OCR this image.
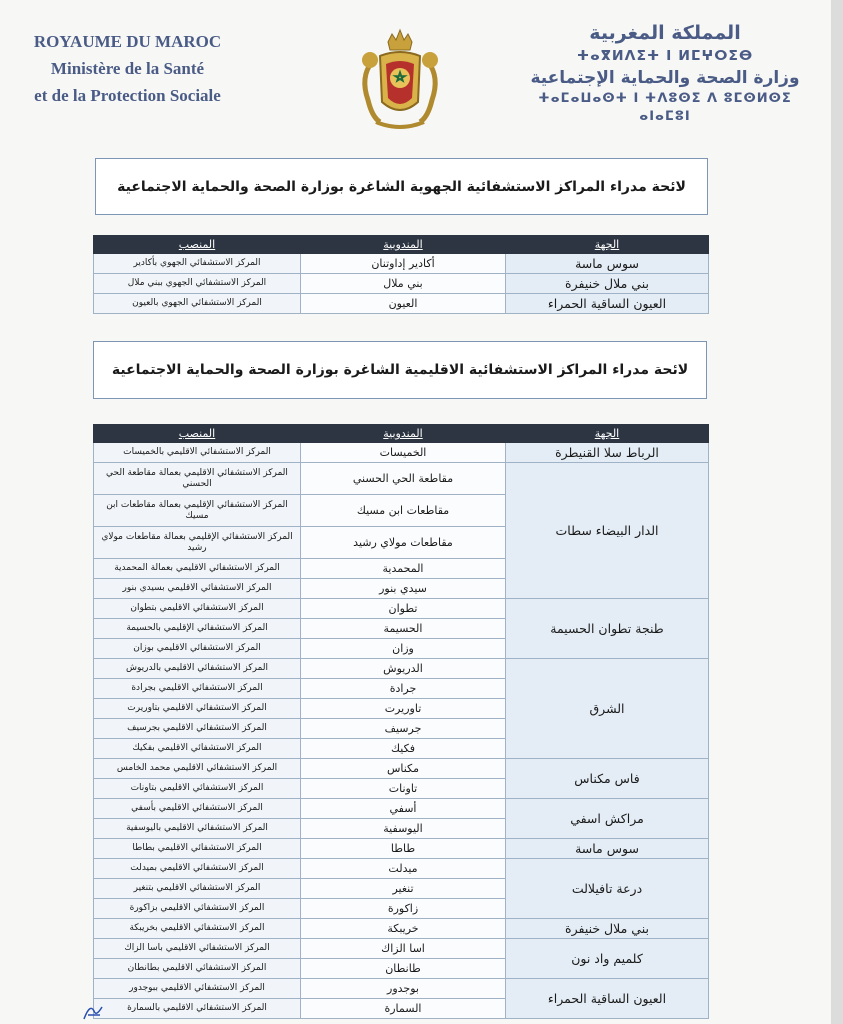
ROYAUME DU MAROC
Ministère de la Santé
et de la Protection Sociale
المملكة المغربية
ⵜⴰⴳⵍⴷⵉⵜ ⵏ ⵍⵎⵖⵔⵉⴱ
وزارة الصحة والحماية الإجتماعية
ⵜⴰⵎⴰⵡⴰⵙⵜ ⵏ ⵜⴷⵓⵙⵉ ⴷ ⵓⵎⵙⵍⵙⵉ ⴰⵏⴰⵎⵓⵏ
لائحة مدراء المراكز الاستشفائية الجهوية الشاغرة بوزارة الصحة والحماية الاجتماعية
الجهة	المندوبية	المنصب
سوس ماسة	أكادير إداوتنان	المركز الاستشفائي الجهوي بأكادير
بني ملال خنيفرة	بني ملال	المركز الاستشفائي الجهوي ببني ملال
العيون الساقية الحمراء	العيون	المركز الاستشفائي الجهوي بالعيون
لائحة مدراء المراكز الاستشفائية الاقليمية الشاغرة بوزارة الصحة والحماية الاجتماعية
الجهة	المندوبية	المنصب
الرباط سلا القنيطرة	الخميسات	المركز الاستشفائي الاقليمي بالخميسات
الدار البيضاء سطات	مقاطعة الحي الحسني	المركز الاستشفائي الاقليمي بعمالة مقاطعة الحي الحسني
	مقاطعات ابن مسيك	المركز الاستشفائي الإقليمي بعمالة مقاطعات ابن مسيك
	مقاطعات مولاي رشيد	المركز الاستشفائي الإقليمي بعمالة مقاطعات مولاي رشيد
	المحمدية	المركز الاستشفائي الاقليمي بعمالة المحمدية
	سيدي بنور	المركز الاستشفائي الاقليمي بسيدي بنور
طنجة تطوان الحسيمة	تطوان	المركز الاستشفائي الاقليمي بتطوان
	الحسيمة	المركز الاستشفائي الإقليمي بالحسيمة
	وزان	المركز الاستشفائي الاقليمي بوزان
الشرق	الدريوش	المركز الاستشفائي الاقليمي بالدريوش
	جرادة	المركز الاستشفائي الاقليمي بجرادة
	تاوريرت	المركز الاستشفائي الاقليمي بتاوريرت
	جرسيف	المركز الاستشفائي الاقليمي بجرسيف
	فكيك	المركز الاستشفائي الاقليمي بفكيك
فاس مكناس	مكناس	المركز الاستشفائي الاقليمي محمد الخامس
	تاونات	المركز الاستشفائي الاقليمي بتاونات
مراكش اسفي	أسفي	المركز الاستشفائي الاقليمي بأسفي
	اليوسفية	المركز الاستشفائي الاقليمي باليوسفية
سوس ماسة	طاطا	المركز الاستشفائي الاقليمي بطاطا
درعة تافيلالت	ميدلت	المركز الاستشفائي الاقليمي بميدلت
	تنغير	المركز الاستشفائي الاقليمي بتنغير
	زاكورة	المركز الاستشفائي الاقليمي بزاكورة
بني ملال خنيفرة	خريبكة	المركز الاستشفائي الاقليمي بخريبكة
كلميم واد نون	اسا الزاك	المركز الاستشفائي الاقليمي باسا الزاك
	طانطان	المركز الاستشفائي الاقليمي بطانطان
العيون الساقية الحمراء	بوجدور	المركز الاستشفائي الاقليمي ببوجدور
	السمارة	المركز الاستشفائي الاقليمي بالسمارة
